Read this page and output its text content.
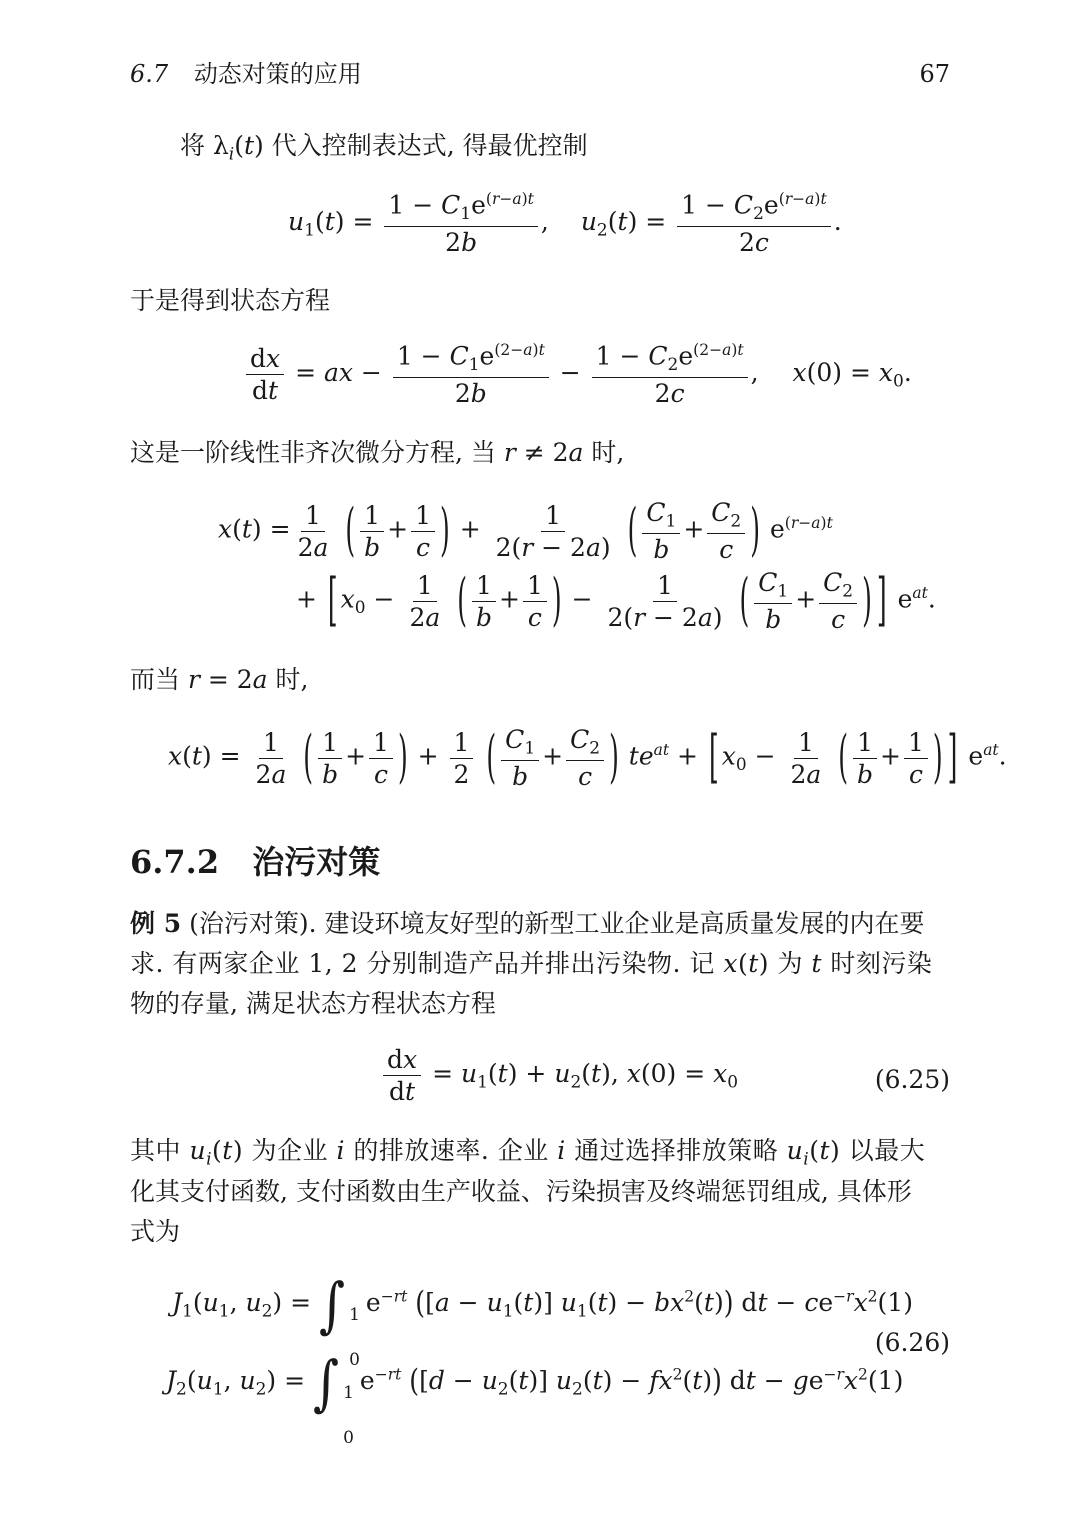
6.7 动态对策的应用	67
将 $\lambda_i(t)$ 代入控制表达式, 得最优控制
$u_1(t) = \frac{1 - C_1e^{(r-a)t}}{2b}$ , $u_2(t) = \frac{1 - C_2e^{(r-a)t}}{2c}$ .
于是得到状态方程
$\frac{dx}{dt}$ = ax − $\frac{1 - C_1e^{(2-a)t}}{2b} - \frac{1 - C_2e^{(2-a)t}}{2c}$ , $x(0) = x_0$.
这是一阶线性非齐次微分方程, 当 r ≠ 2a 时,
$x(t) = \frac{1}{2a}$ ( $\frac{1}{b} + \frac{1}{c}$ ) + $\frac{1}{2(r - 2a)}$ ( $\frac{C_1}{b} + \frac{C_2}{c}$ ) $e^{(r-a)t}$
+ [ $x_0 - \frac{1}{2a}$ ( $\frac{1}{b} + \frac{1}{c}$ ) − $\frac{1}{2(r - 2a)}$ ( $\frac{C_1}{b} + \frac{C_2}{c}$ ) ] $e^{at}$.
而当 r = 2a 时,
$x(t) = \frac{1}{2a}$ ( $\frac{1}{b} + \frac{1}{c}$ ) + $\frac{1}{2}$ ( $\frac{C_1}{b} + \frac{C_2}{c}$ ) $te^{at}$ + [ $x_0 - \frac{1}{2a}$ ( $\frac{1}{b} + \frac{1}{c}$ ) ] $e^{at}$.
6.7.2 治污对策
例 5 (治污对策). 建设环境友好型的新型工业企业是高质量发展的内在要
求. 有两家企业 1, 2 分别制造产品并排出污染物. 记 x(t) 为 t 时刻污染
物的存量, 满足状态方程状态方程
$\frac{dx}{dt} = u_1(t) + u_2(t)$, $x(0) = x_0$	(6.25)
其中 $u_i(t)$ 为企业 i 的排放速率. 企业 i 通过选择排放策略 $u_i(t)$ 以最大
化其支付函数, 支付函数由生产收益、污染损害及终端惩罚组成, 具体形
式为
$J_1(u_1$, $u_2$) = ∫ 1
0
$e^{-rt}$ ($[a - u_1(t)]$ $u_1(t) - bx^2(t)$) dt − $ce^{-r}x^2(1)$
$J_2(u_1$, $u_2$) = ∫ 1
0
$e^{-rt}$ ($[d - u_2(t)]$ $u_2(t) - fx^2(t)$) dt − $ge^{-r}x^2(1)$
(6.26)
